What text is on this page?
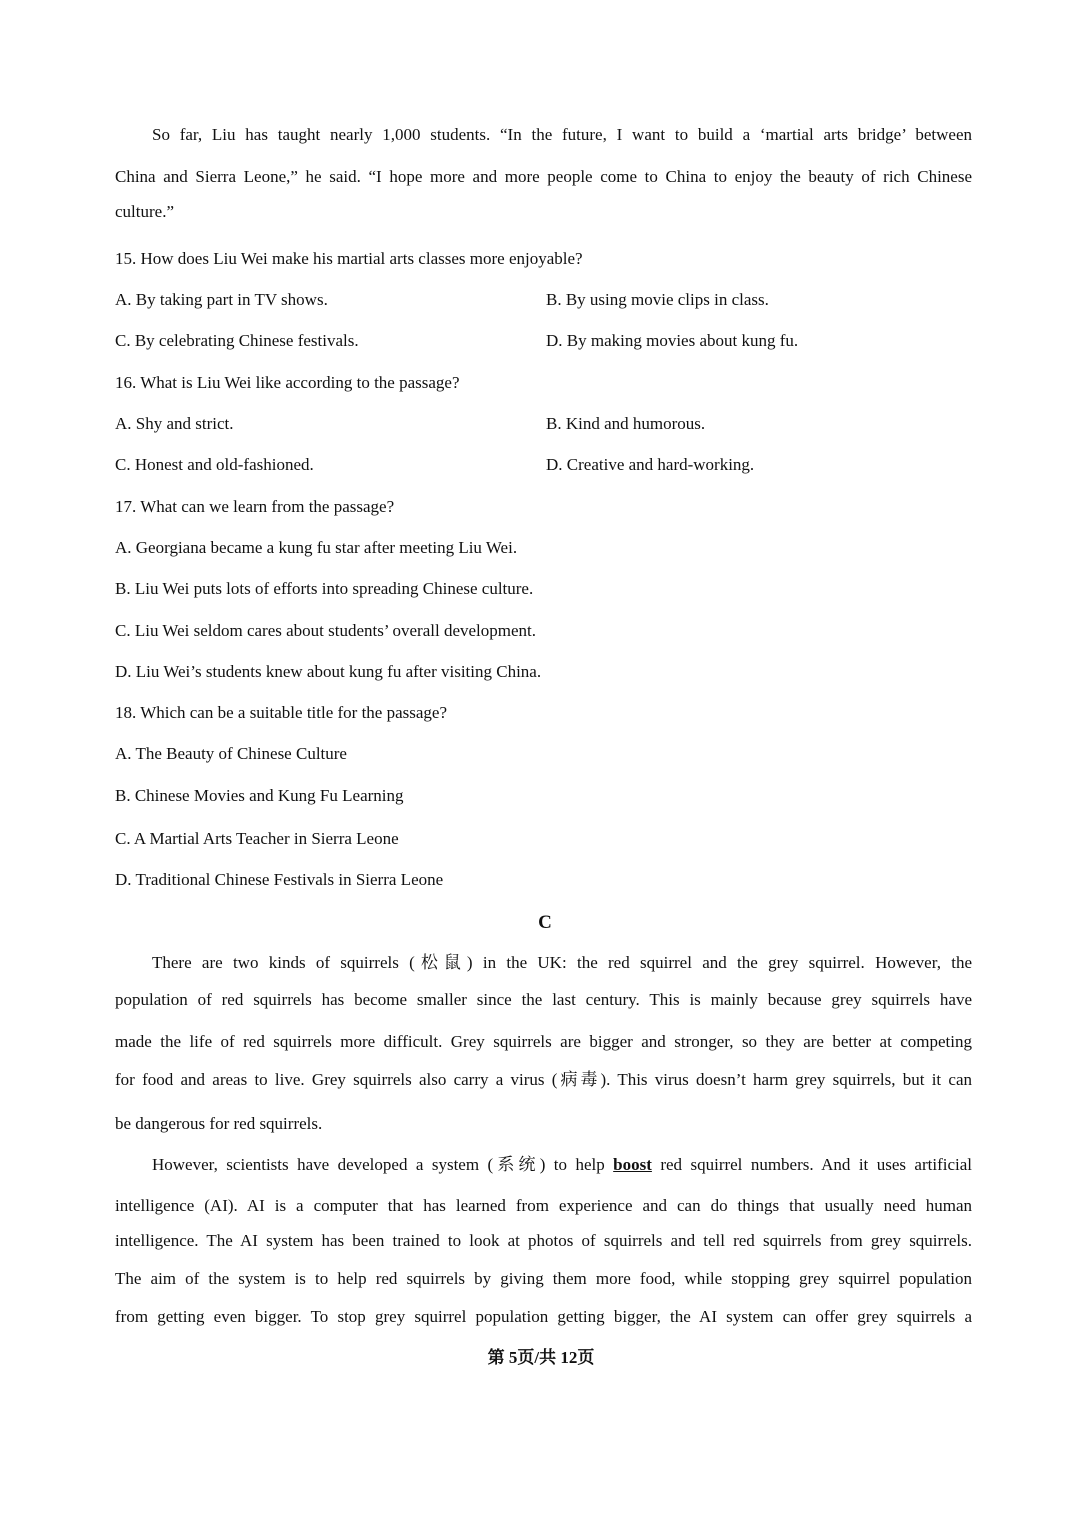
So far, Liu has taught nearly 1,000 students. “In the future, I want to build a ‘martial arts bridge’ between
China and Sierra Leone,” he said. “I hope more and more people come to China to enjoy the beauty of rich Chinese
culture.”
15. How does Liu Wei make his martial arts classes more enjoyable?
A. By taking part in TV shows.	B. By using movie clips in class.
C. By celebrating Chinese festivals.	D. By making movies about kung fu.
16. What is Liu Wei like according to the passage?
A. Shy and strict.	B. Kind and humorous.
C. Honest and old-fashioned.	D. Creative and hard-working.
17. What can we learn from the passage?
A. Georgiana became a kung fu star after meeting Liu Wei.
B. Liu Wei puts lots of efforts into spreading Chinese culture.
C. Liu Wei seldom cares about students’ overall development.
D. Liu Wei’s students knew about kung fu after visiting China.
18. Which can be a suitable title for the passage?
A. The Beauty of Chinese Culture
B. Chinese Movies and Kung Fu Learning
C. A Martial Arts Teacher in Sierra Leone
D. Traditional Chinese Festivals in Sierra Leone
C
There are two kinds of squirrels (松鼠) in the UK: the red squirrel and the grey squirrel. However, the
population of red squirrels has become smaller since the last century. This is mainly because grey squirrels have
made the life of red squirrels more difficult. Grey squirrels are bigger and stronger, so they are better at competing
for food and areas to live. Grey squirrels also carry a virus (病毒). This virus doesn’t harm grey squirrels, but it can
be dangerous for red squirrels.
However, scientists have developed a system (系统) to help boost red squirrel numbers. And it uses artificial
intelligence (AI). AI is a computer that has learned from experience and can do things that usually need human
intelligence. The AI system has been trained to look at photos of squirrels and tell red squirrels from grey squirrels.
The aim of the system is to help red squirrels by giving them more food, while stopping grey squirrel population
from getting even bigger. To stop grey squirrel population getting bigger, the AI system can offer grey squirrels a
第 5页/共 12页
